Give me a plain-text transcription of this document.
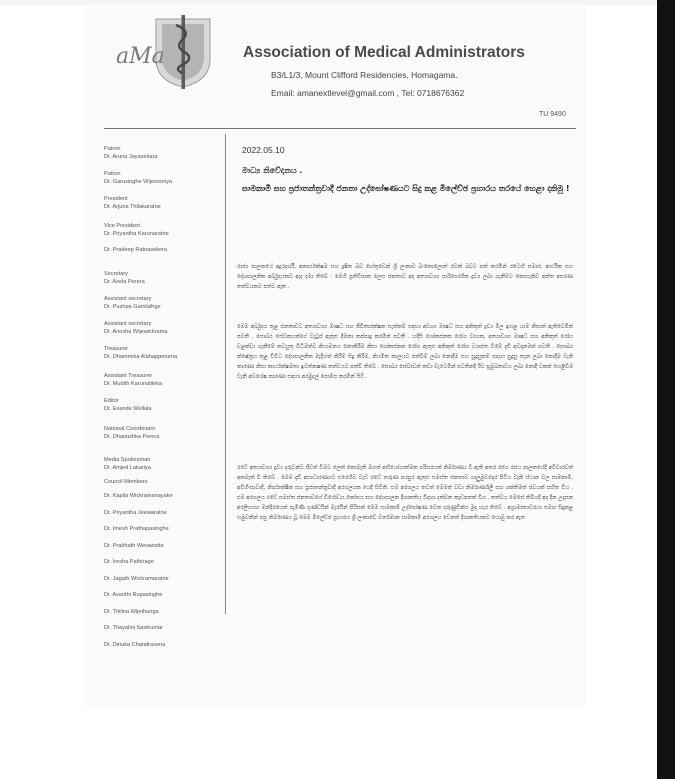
aMa	Association of Medical Administrators
B3/L1/3, Mount Clifford Residencies, Homagama.
Email: amanextlevel@gmail.com , Tel: 0718676362
TU 9490
Patron
Dr. Aruna Jayasekara
Patron
Dr. Garusinghe Wijesooriya
President
Dr. Arjuna Thilakaratne
Vice President
Dr. Priyantha Karunaratne
Dr. Pradeep Ratnasekera
Secretary
Dr. Asela Perera
Assistant secretary
Dr. Pushpa Gamlathge
Assistant secretary
Dr. Anosha Wijewickrama
Treasurer
Dr. Dhammika Alahapperuma
Assistant Treasurer
Dr. Mudith Karunatileka
Editor
Dr. Esanda Wellala
National Coordinator
Dr. Dhanushka Perera
Media Spokesman
Dr. Amjed Lakariya
Council Members
Dr. Kapila Wickramanayake
Dr. Priyantha Jeewaratne
Dr. Imesh Prathapasinghe
Dr. Prabhath Werawatta
Dr. Iresha Pathirage
Dr. Jagath Wickramaratne
Dr. Avanthi Rupasinghe
Dr. Thilina Wijethunga
Dr. Thayalini Sasikumar
Dr. Dinuka Chandrasena
2022.05.10
මාධ්‍ය නිවේදනය .
සාමකාමී සහ ප්‍රජාතන්ත්‍රවාදී ජනතා උද්ඝෝෂණයට සිදු කළ මිලේච්ඡ ප්‍රහාරය තරයේ හෙළා දකිමු !
රාජ්‍ය පාලනයේ අදූරදර්ශී, අකාර්යක්ෂම සහ දූෂිත බව හේතුවෙන් ශ්‍රී ලංකාව බංකොලොත් රටක් බවට පත් කරමින් රටෙහි සමාජ, ආර්ථික සහ දේශපාලනික අර්බුදයකට ඇද දමා තිබේ . මෙහි ප්‍රතිවිපාක ලෙස ජනතාව අද අත්‍යාවශ්‍ය පාරිභෝගික ද්‍රව්‍ය ලබා ගැනීමට නොහැකිව අන්ත අසරණ තත්වයකට පත්ව ඇත .
මෙම අර්බුදය තුළ ජනතාවට අත්‍යාවශ්‍ය ඖෂධ සහ ජීවිතාරක්ෂක සැත්කම් සඳහා අවශ්‍ය ඖෂධ සහ අනිකුත් ද්‍රව්‍ය මිල ඉහළ යාම නිසාත් ඇතිවෙමින් පවතී . සෞඛ්‍ය සේවකයන්ගේ වැටුප් ඇතුළු දීමනා කප්පාදු කරමින් පවතී . හදිසි ශෝකජනක රෝග වාහක, අත්‍යාවශ්‍ය ඖෂධ සහ අනිකුත් රෝග වළක්වා ගැනීමේ කටයුතු විධිමත්ව නියාමනය නොකිරීම නිසා ශෝකජනක රෝග ඇතුළු අනිකුත් රෝග ව්‍යාප්ත වීමේ දැඩි අවදානමක් පවතී . සෞඛ්‍ය ක්ෂේත්‍රය තුළ විවිධ දේශපාලනික මැදිහත් කිරීම් සිදු කිරීම, නියමිත කාලයට පත්වීම් ලබා නොදීම සහ සුදුසුකම් සඳහා සුදුසු තැන ලබා නොදීම වැනි කාරණා නිසා කාර්යක්ෂමතා ඉවත්කෂණ තත්වයට පත්වී තිබේ . සෞඛ්‍ය සේවාවන් කඩා වැටෙමින් පවතිනදී ඊට ප්‍රමුඛතාවය ලබා නොදී වකන් හෙළිවීම වැනි අවශේෂ කාරණා සඳහා අරමුදල් පොම්ප කරමින් සිටී .
රටේ අත්‍යාවශ්‍ය ද්‍රව්‍ය දරුවන්ට ජීවත් වීමට ලෙක් නොමැති මහත් අභියෝගාත්මක පරිසරයක් නිර්මාණය වී ඇති අතර රජය රජය පාලනයේදී අවිචාරවත් අකමැත් වී තිබේ . මෙම දැඩි අසාධාරණයට එරෙහිව වැඩ රටේ තරුණ පරපුර ඇතුළු සමස්ත ජනතාව ගාලුමුවදොර පිටිය වැනි ස්ථාන වල සාමකාමී, අවිහිංසාවාදී, නිර්පාක්ෂික සහ ප්‍රජාතන්ත්‍රවාදී අරගලයක යෙදී සිටිති. එම අරගලය තවත් මෙමත් වඩා නිර්මාණශීලී සහ ශක්තිමත් ජවයක් සහිත විය . එම අරගලය රටේ සමස්ත ජනතාවගේ විරෝධය,කෝපය සහ දේශපාලන දිශානතිය විදහා දක්වන කැඩපතක් විය . තත්වය මෙසේ තිබියදී අද දින උදෑසන අරලියගහ මන්දිරයෙන් පැමිණි ගුණ්ඩයින් මැරයින් පිරිසක් මෙම සාමකාමී උද්ඝෝෂණ වෙත දරුණුඩින්ස මුදා හැර තිබේ . අග්‍රාමාත්‍යවරයා සමඟ සිදුකළ හමුවකින් පසු නිර්මාණය වූ මෙම මිලේච්ඡ ප්‍රහාරය ශ්‍රී ලංකාවේ වර්තමාන සාමකාමී අරගලය වෙනත් දිශානතියකට යොමු කර ඇත
